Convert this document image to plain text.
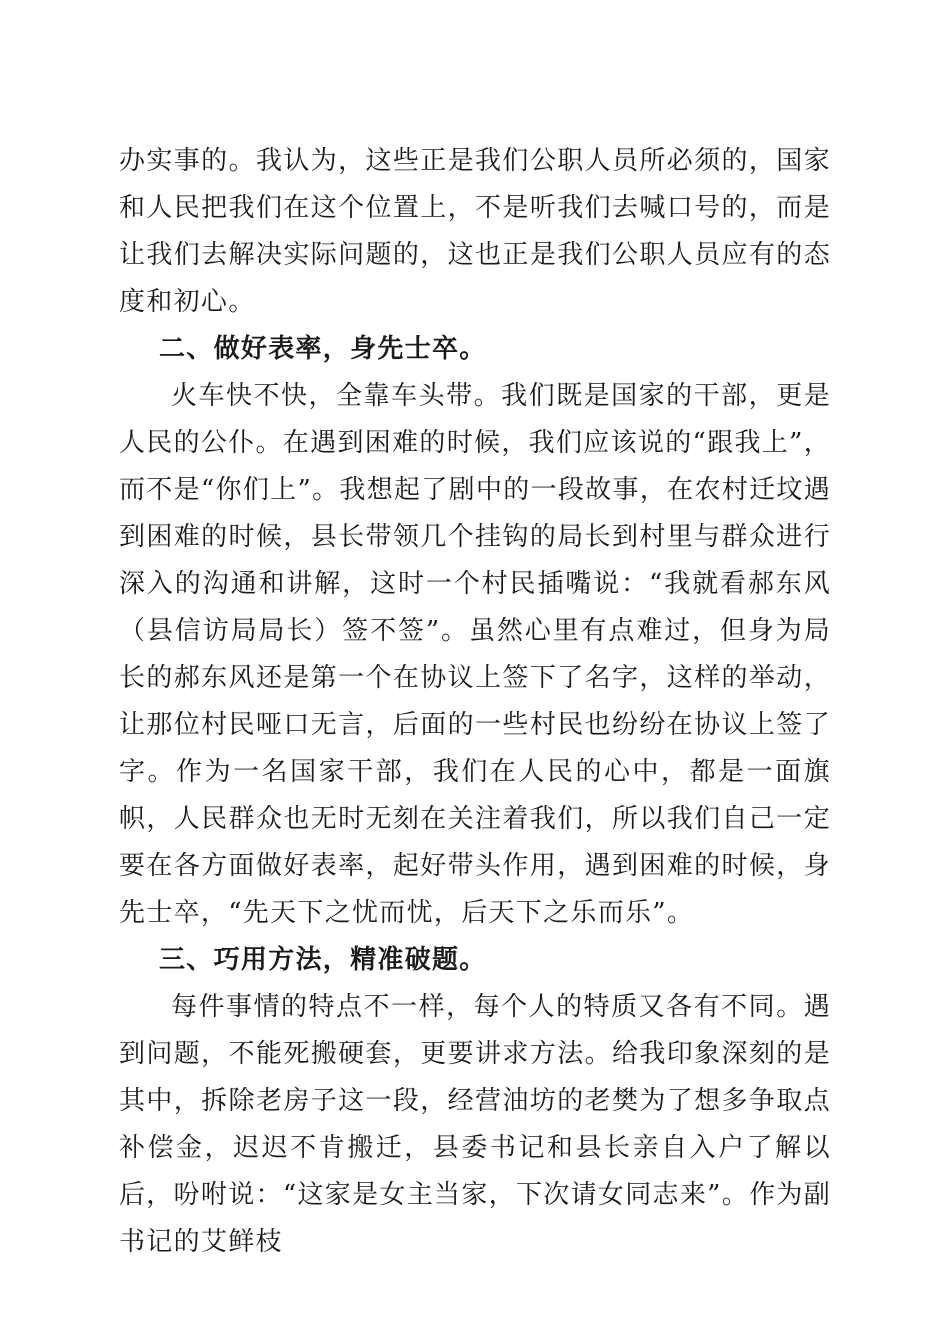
办实事的。我认为，这些正是我们公职人员所必须的，国家和人民把我们在这个位置上，不是听我们去喊口号的，而是让我们去解决实际问题的，这也正是我们公职人员应有的态度和初心。

二、做好表率，身先士卒。

火车快不快，全靠车头带。我们既是国家的干部，更是人民的公仆。在遇到困难的时候，我们应该说的“跟我上”，而不是“你们上”。我想起了剧中的一段故事，在农村迁坟遇到困难的时候，县长带领几个挂钩的局长到村里与群众进行深入的沟通和讲解，这时一个村民插嘴说：“我就看郝东风（县信访局局长）签不签”。虽然心里有点难过，但身为局长的郝东风还是第一个在协议上签下了名字，这样的举动，让那位村民哑口无言，后面的一些村民也纷纷在协议上签了字。作为一名国家干部，我们在人民的心中，都是一面旗帜，人民群众也无时无刻在关注着我们，所以我们自己一定要在各方面做好表率，起好带头作用，遇到困难的时候，身先士卒，“先天下之忧而忧，后天下之乐而乐”。

三、巧用方法，精准破题。

每件事情的特点不一样，每个人的特质又各有不同。遇到问题，不能死搬硬套，更要讲求方法。给我印象深刻的是其中，拆除老房子这一段，经营油坊的老樊为了想多争取点补偿金，迟迟不肯搬迁，县委书记和县长亲自入户了解以后，吩咐说：“这家是女主当家，下次请女同志来”。作为副书记的艾鲜枝
